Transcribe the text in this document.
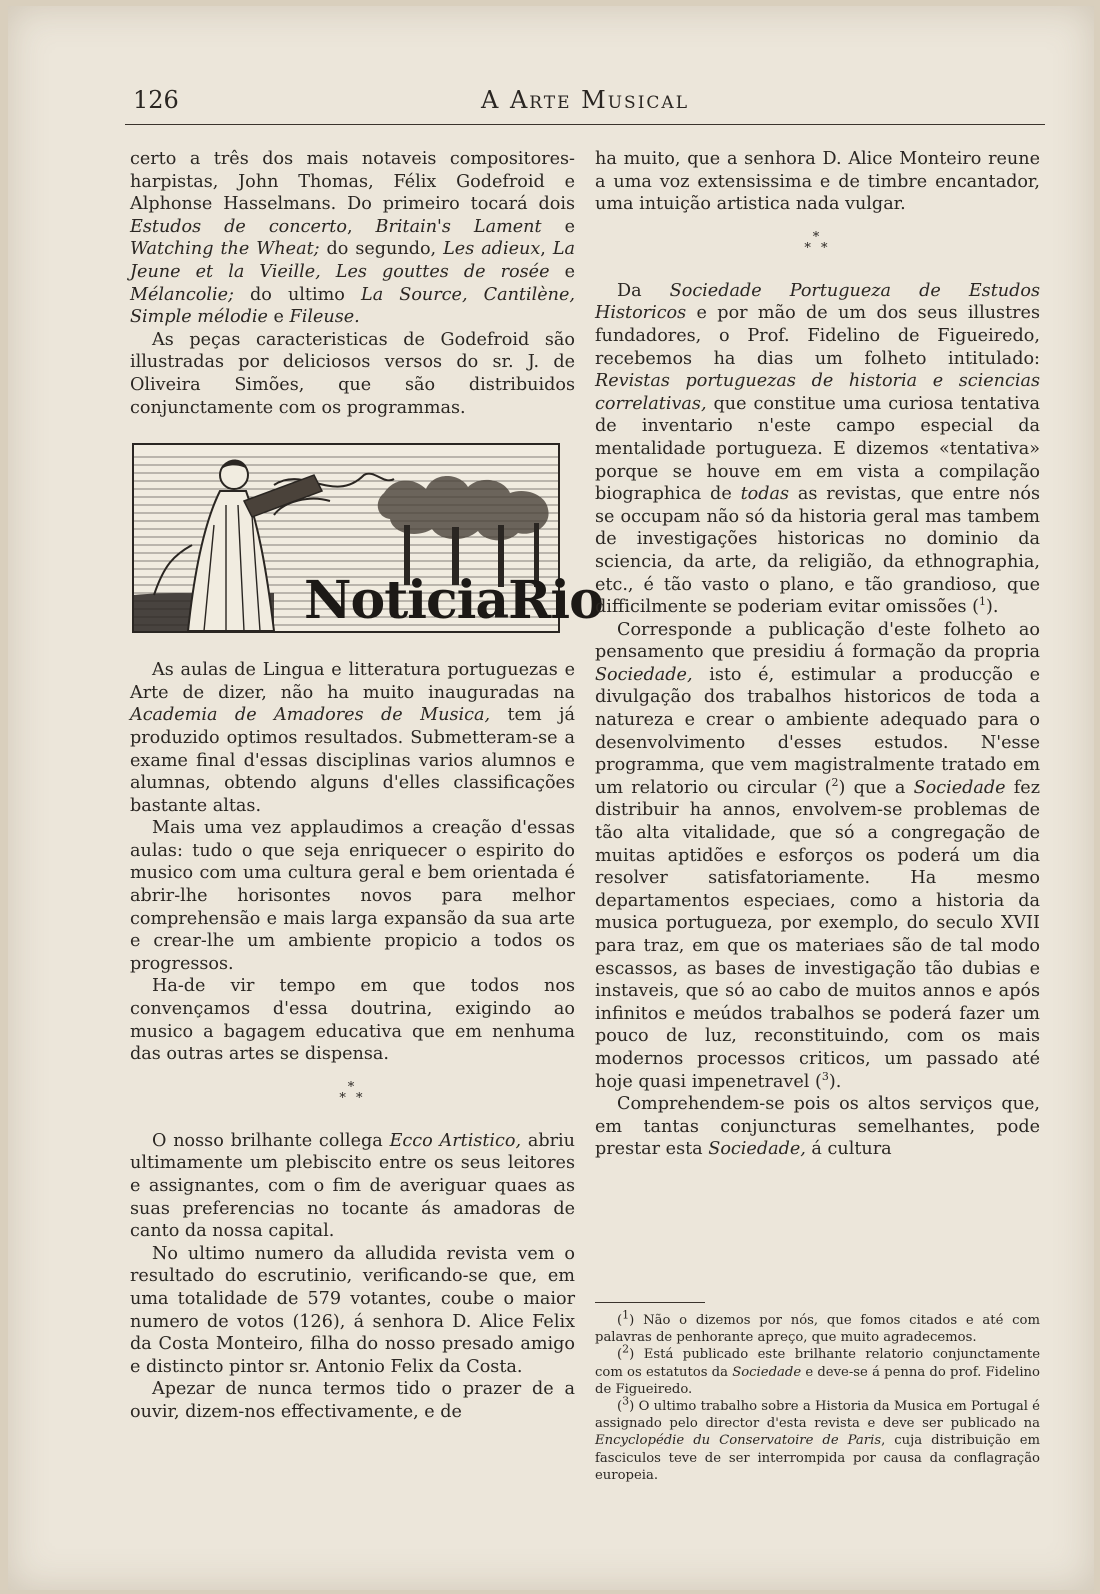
126	A Arte Musical

certo a três dos mais notaveis compositores-harpistas, John Thomas, Félix Godefroid e Alphonse Hasselmans. Do primeiro tocará dois Estudos de concerto, Britain's Lament e Watching the Wheat; do segundo, Les adieux, La Jeune et la Vieille, Les gouttes de rosée e Mélancolie; do ultimo La Source, Cantilène, Simple mélodie e Fileuse.

As peças caracteristicas de Godefroid são illustradas por deliciosos versos do sr. J. de Oliveira Simões, que são distribuidos conjunctamente com os programmas.

NoticiaRio

As aulas de Lingua e litteratura portuguezas e Arte de dizer, não ha muito inauguradas na Academia de Amadores de Musica, tem já produzido optimos resultados. Submetteram-se a exame final d'essas disciplinas varios alumnos e alumnas, obtendo alguns d'elles classificações bastante altas.

Mais uma vez applaudimos a creação d'essas aulas: tudo o que seja enriquecer o espirito do musico com uma cultura geral e bem orientada é abrir-lhe horisontes novos para melhor comprehensão e mais larga expansão da sua arte e crear-lhe um ambiente propicio a todos os progressos.

Ha-de vir tempo em que todos nos convençamos d'essa doutrina, exigindo ao musico a bagagem educativa que em nenhuma das outras artes se dispensa.

*
* *

O nosso brilhante collega Ecco Artistico, abriu ultimamente um plebiscito entre os seus leitores e assignantes, com o fim de averiguar quaes as suas preferencias no tocante ás amadoras de canto da nossa capital.

No ultimo numero da alludida revista vem o resultado do escrutinio, verificando-se que, em uma totalidade de 579 votantes, coube o maior numero de votos (126), á senhora D. Alice Felix da Costa Monteiro, filha do nosso presado amigo e distincto pintor sr. Antonio Felix da Costa.

Apezar de nunca termos tido o prazer de a ouvir, dizem-nos effectivamente, e de

ha muito, que a senhora D. Alice Monteiro reune a uma voz extensissima e de timbre encantador, uma intuição artistica nada vulgar.

*
* *

Da Sociedade Portugueza de Estudos Historicos e por mão de um dos seus illustres fundadores, o Prof. Fidelino de Figueiredo, recebemos ha dias um folheto intitulado: Revistas portuguezas de historia e sciencias correlativas, que constitue uma curiosa tentativa de inventario n'este campo especial da mentalidade portugueza. E dizemos «tentativa» porque se houve em em vista a compilação biographica de todas as revistas, que entre nós se occupam não só da historia geral mas tambem de investigações historicas no dominio da sciencia, da arte, da religião, da ethnographia, etc., é tão vasto o plano, e tão grandioso, que difficilmente se poderiam evitar omissões ($^1$).

Corresponde a publicação d'este folheto ao pensamento que presidiu á formação da propria Sociedade, isto é, estimular a producção e divulgação dos trabalhos historicos de toda a natureza e crear o ambiente adequado para o desenvolvimento d'esses estudos. N'esse programma, que vem magistralmente tratado em um relatorio ou circular ($^2$) que a Sociedade fez distribuir ha annos, envolvem-se problemas de tão alta vitalidade, que só a congregação de muitas aptidões e esforços os poderá um dia resolver satisfatoriamente. Ha mesmo departamentos especiaes, como a historia da musica portugueza, por exemplo, do seculo XVII para traz, em que os materiaes são de tal modo escassos, as bases de investigação tão dubias e instaveis, que só ao cabo de muitos annos e após infinitos e meúdos trabalhos se poderá fazer um pouco de luz, reconstituindo, com os mais modernos processos criticos, um passado até hoje quasi impenetravel ($^3$).

Comprehendem-se pois os altos serviços que, em tantas conjuncturas semelhantes, pode prestar esta Sociedade, á cultura

($^1$) Não o dizemos por nós, que fomos citados e até com palavras de penhorante apreço, que muito agradecemos.

($^2$) Está publicado este brilhante relatorio conjunctamente com os estatutos da Sociedade e deve-se á penna do prof. Fidelino de Figueiredo.

($^3$) O ultimo trabalho sobre a Historia da Musica em Portugal é assignado pelo director d'esta revista e deve ser publicado na Encyclopédie du Conservatoire de Paris, cuja distribuição em fasciculos teve de ser interrompida por causa da conflagração europeia.
